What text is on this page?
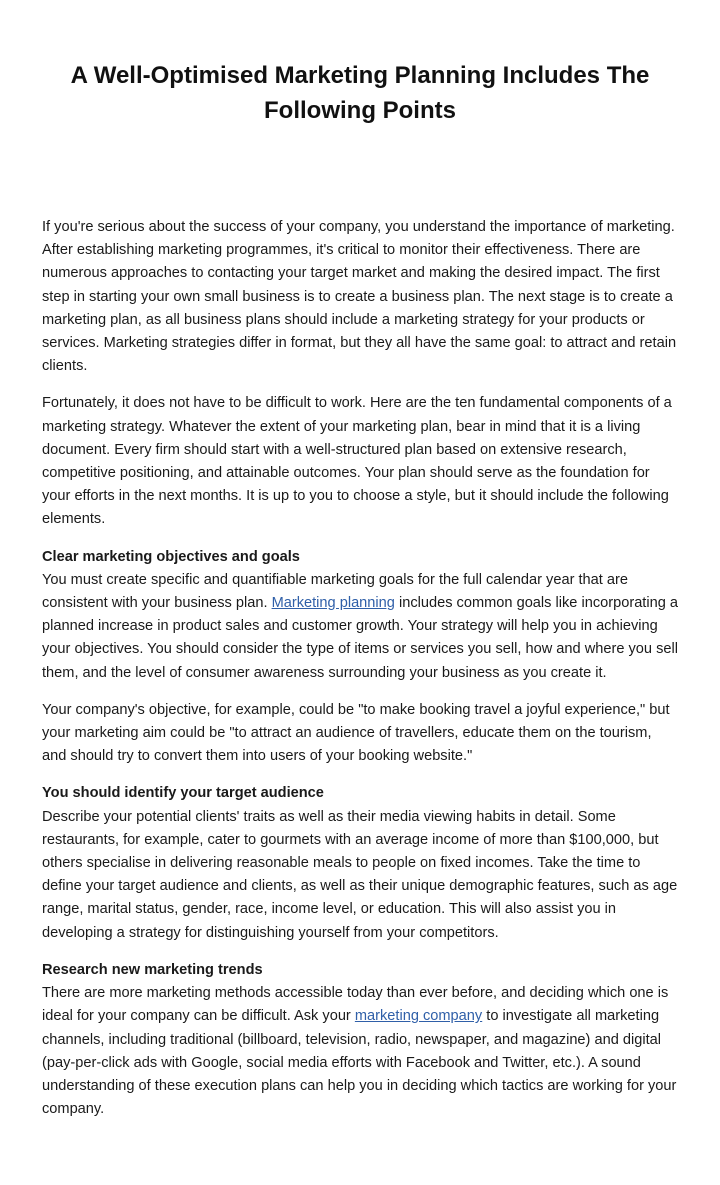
A Well-Optimised Marketing Planning Includes The Following Points

If you're serious about the success of your company, you understand the importance of marketing. After establishing marketing programmes, it's critical to monitor their effectiveness. There are numerous approaches to contacting your target market and making the desired impact. The first step in starting your own small business is to create a business plan. The next stage is to create a marketing plan, as all business plans should include a marketing strategy for your products or services. Marketing strategies differ in format, but they all have the same goal: to attract and retain clients.

Fortunately, it does not have to be difficult to work. Here are the ten fundamental components of a marketing strategy. Whatever the extent of your marketing plan, bear in mind that it is a living document. Every firm should start with a well-structured plan based on extensive research, competitive positioning, and attainable outcomes. Your plan should serve as the foundation for your efforts in the next months. It is up to you to choose a style, but it should include the following elements.

Clear marketing objectives and goals
You must create specific and quantifiable marketing goals for the full calendar year that are consistent with your business plan. Marketing planning includes common goals like incorporating a planned increase in product sales and customer growth. Your strategy will help you in achieving your objectives. You should consider the type of items or services you sell, how and where you sell them, and the level of consumer awareness surrounding your business as you create it.

Your company's objective, for example, could be "to make booking travel a joyful experience," but your marketing aim could be "to attract an audience of travellers, educate them on the tourism, and should try to convert them into users of your booking website."

You should identify your target audience
Describe your potential clients' traits as well as their media viewing habits in detail. Some restaurants, for example, cater to gourmets with an average income of more than $100,000, but others specialise in delivering reasonable meals to people on fixed incomes. Take the time to define your target audience and clients, as well as their unique demographic features, such as age range, marital status, gender, race, income level, or education. This will also assist you in developing a strategy for distinguishing yourself from your competitors.

Research new marketing trends
There are more marketing methods accessible today than ever before, and deciding which one is ideal for your company can be difficult. Ask your marketing company to investigate all marketing channels, including traditional (billboard, television, radio, newspaper, and magazine) and digital (pay-per-click ads with Google, social media efforts with Facebook and Twitter, etc.). A sound understanding of these execution plans can help you in deciding which tactics are working for your company.
